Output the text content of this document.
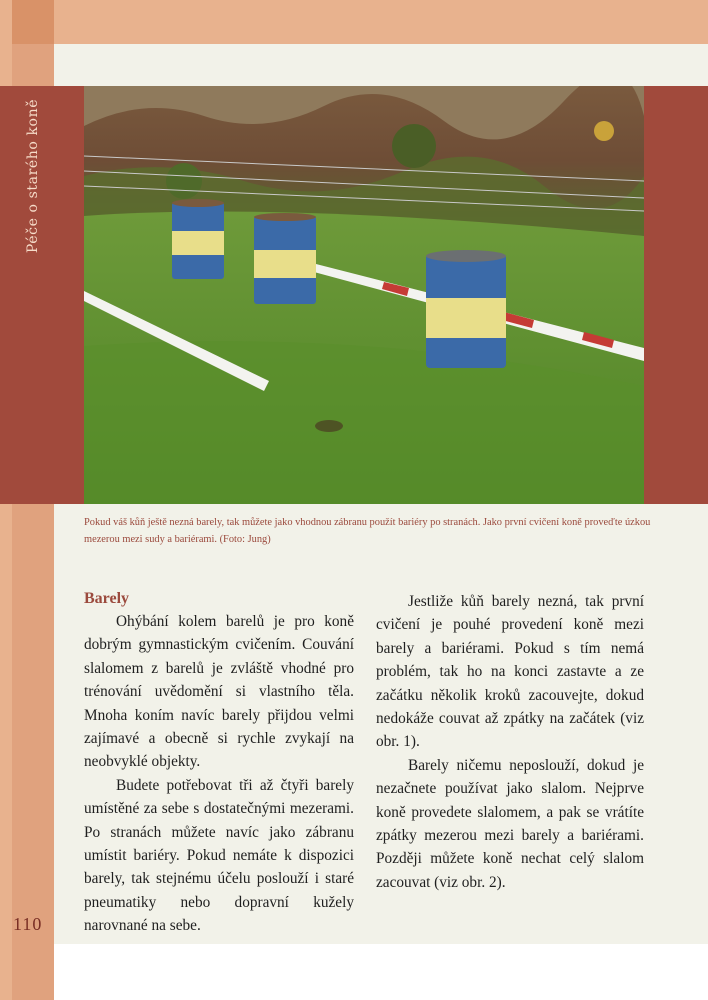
Péče o starého koně
Pokud váš kůň ještě nezná barely, tak můžete jako vhodnou zábranu použít bariéry po stranách. Jako první cvičení koně proveďte úzkou mezerou mezi sudy a bariérami. (Foto: Jung)
Barely

Ohýbání kolem barelů je pro koně dobrým gymnastickým cvičením. Couvání slalomem z barelů je zvláště vhodné pro trénování uvědomění si vlastního těla. Mnoha koním navíc barely přijdou velmi zajímavé a obecně si rychle zvykají na neobvyklé objekty.

Budete potřebovat tři až čtyři barely umístěné za sebe s dostatečnými mezerami. Po stranách můžete navíc jako zábranu umístit bariéry. Pokud nemáte k dispozici barely, tak stejnému účelu poslouží i staré pneumatiky nebo dopravní kužely narovnané na sebe.

Jestliže kůň barely nezná, tak první cvičení je pouhé provedení koně mezi barely a bariérami. Pokud s tím nemá problém, tak ho na konci zastavte a ze začátku několik kroků zacouvejte, dokud nedokáže couvat až zpátky na začátek (viz obr. 1).

Barely ničemu neposlouží, dokud je nezačnete používat jako slalom. Nejprve koně provedete slalomem, a pak se vrátíte zpátky mezerou mezi barely a bariérami. Později můžete koně nechat celý slalom zacouvat (viz obr. 2).

110
